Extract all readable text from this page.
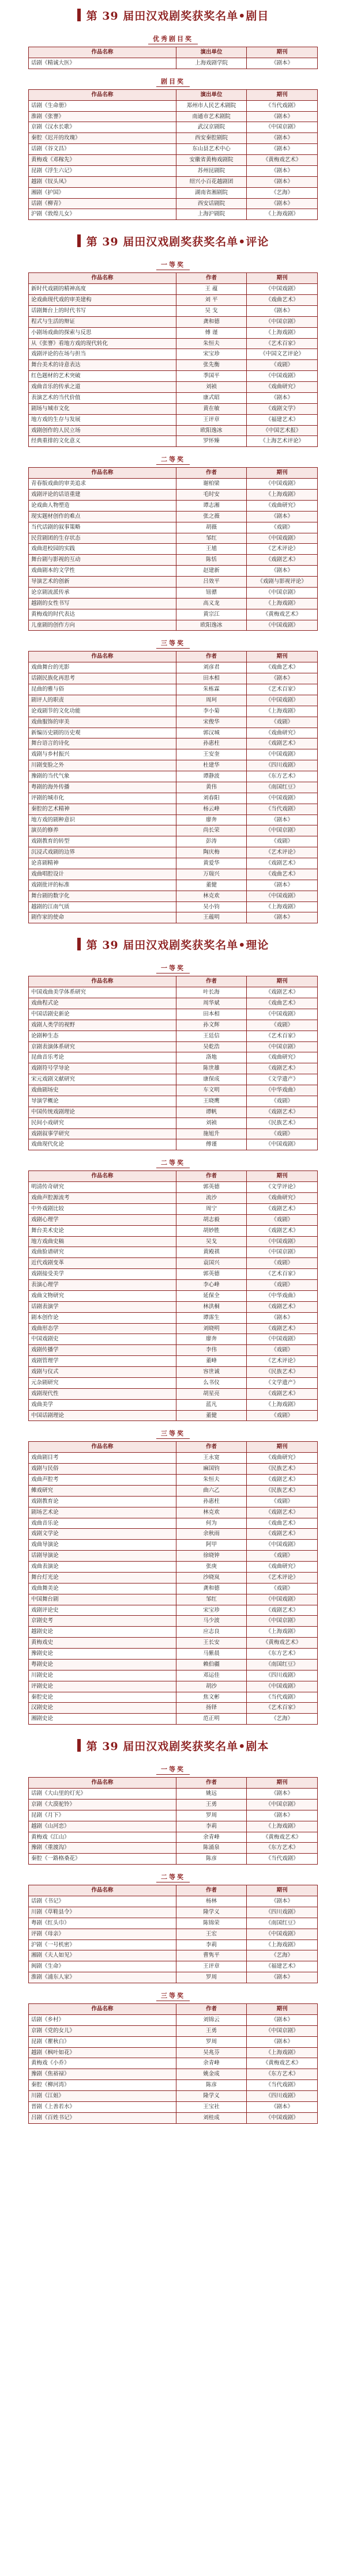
第 39 届田汉戏剧奖获奖名单•剧目
优秀剧目奖
作品名称	演出单位	期刊
话剧《精诚大医》	上海戏剧学院	《剧本》
剧目奖
作品名称	演出单位	期刊
话剧《生命册》	郑州市人民艺术剧院	《当代戏剧》
淮剧《张謇》	南通市艺术剧院	《剧本》
京剧《汉水长歌》	武汉京剧院	《中国京剧》
秦腔《迟开的玫瑰》	西安秦腔剧院	《剧本》
话剧《谷文昌》	东山县艺术中心	《剧本》
黄梅戏《邓稼先》	安徽省黄梅戏剧院	《黄梅戏艺术》
昆剧《浮生六记》	苏州昆剧院	《剧本》
越剧《钗头凤》	绍兴小百花越剧团	《剧本》
湘剧《护国》	湖南省湘剧院	《艺海》
话剧《柳青》	西安话剧院	《剧本》
沪剧《敦煌儿女》	上海沪剧院	《上海戏剧》
第 39 届田汉戏剧奖获奖名单•评论
一等奖
作品名称	作者	期刊
新时代戏剧的精神高度	王 蕴	《中国戏剧》
论戏曲现代戏的审美建构	刘 平	《戏曲艺术》
话剧舞台上的时代书写	吴 戈	《剧本》
程式与生活的辩证	龚和德	《中国京剧》
小剧场戏曲的探索与反思	傅 谨	《上海戏剧》
从《张謇》看地方戏的现代转化	朱恒夫	《艺术百家》
戏剧评论的在场与担当	宋宝珍	《中国文艺评论》
舞台美术的诗意表达	张先衡	《戏剧》
红色题材的艺术突破	季国平	《中国戏剧》
戏曲音乐的传承之道	刘祯	《戏曲研究》
表演艺术的当代价值	康式昭	《剧本》
剧场与城市文化	黄在敏	《戏剧文学》
地方戏的生存与发展	王评章	《福建艺术》
戏剧创作的人民立场	欧阳逸冰	《中国艺术报》
经典重排的文化意义	罗怀臻	《上海艺术评论》
二等奖
作品名称	作者	期刊
青春版戏曲的审美追求	谢柏梁	《中国戏剧》
戏剧评论的话语重建	毛时安	《上海戏剧》
论戏曲人物塑造	谭志湘	《戏曲研究》
现实题材创作的难点	张之薇	《剧本》
当代话剧的叙事策略	胡薇	《戏剧》
民营剧团的生存状态	邹红	《中国戏剧》
戏曲进校园的实践	王馗	《艺术评论》
舞台剧与影视的互动	陈恬	《戏剧艺术》
戏曲剧本的文学性	赵建新	《剧本》
导演艺术的创新	吕效平	《戏剧与影视评论》
论京剧流派传承	钮骠	《中国京剧》
越剧的女性书写	高义龙	《上海戏剧》
黄梅戏的时代表达	黄宗江	《黄梅戏艺术》
儿童剧的创作方向	欧阳逸冰	《中国戏剧》
三等奖
作品名称	作者	期刊
戏曲舞台的光影	刘彦君	《戏曲艺术》
话剧民族化再思考	田本相	《剧本》
昆曲的雅与俗	朱栋霖	《艺术百家》
剧评人的职责	周珂	《中国戏剧》
论戏剧节的文化功能	李小菊	《上海戏剧》
戏曲服饰的审美	宋俊华	《戏剧》
新编历史剧的历史观	郭汉城	《戏曲研究》
舞台语言的诗化	孙惠柱	《戏剧艺术》
戏剧与乡村振兴	王安奎	《中国戏剧》
川剧变脸之外	杜建华	《四川戏剧》
豫剧的当代气象	谭静波	《东方艺术》
粤剧的海外传播	黄伟	《南国红豆》
评剧的城市化	刘春阳	《中国戏剧》
秦腔的艺术精神	杨云峰	《当代戏剧》
地方戏的剧种意识	廖奔	《剧本》
演员的修养	尚长荣	《中国京剧》
戏剧教育的转型	彭涛	《戏剧》
沉浸式戏剧的边界	陶庆梅	《艺术评论》
论喜剧精神	黄爱华	《戏剧艺术》
戏曲唱腔设计	万瑞兴	《戏曲艺术》
戏剧批评的标准	董健	《剧本》
舞台剧的数字化	林克欢	《中国戏剧》
越剧的江南气质	吴小钧	《上海戏剧》
剧作家的使命	王蕴明	《剧本》
第 39 届田汉戏剧奖获奖名单•理论
一等奖
作品名称	作者	期刊
中国戏曲美学体系研究	叶长海	《戏剧艺术》
戏曲程式论	周华斌	《戏曲艺术》
中国话剧史新论	田本相	《中国戏剧》
戏剧人类学的视野	孙文辉	《戏剧》
论剧种生态	王廷信	《艺术百家》
京剧表演体系研究	吴乾浩	《中国京剧》
昆曲音乐考论	洛地	《戏曲研究》
戏剧符号学导论	陈世雄	《戏剧艺术》
宋元戏剧文献研究	康保成	《文学遗产》
戏曲剧场史	车文明	《中华戏曲》
导演学概论	王晓鹰	《戏剧》
中国传统戏剧理论	谭帆	《戏剧艺术》
民间小戏研究	刘祯	《民族艺术》
戏剧叙事学研究	施旭升	《戏剧》
戏曲现代化论	傅谨	《中国戏剧》
二等奖
作品名称	作者	期刊
明清传奇研究	郭英德	《文学评论》
戏曲声腔源流考	流沙	《戏曲研究》
中外戏剧比较	周宁	《戏剧艺术》
戏剧心理学	胡志毅	《戏剧》
舞台美术史论	胡妙胜	《戏剧艺术》
地方戏曲史稿	吴戈	《中国戏剧》
戏曲脸谱研究	黄殿祺	《中国京剧》
近代戏剧变革	袁国兴	《戏剧》
戏剧接受美学	郭英德	《艺术百家》
表演心理学	李心峰	《戏剧》
戏曲文物研究	延保全	《中华戏曲》
话剧表演学	林洪桐	《戏剧艺术》
剧本创作论	谭霈生	《剧本》
戏曲形态学	刘晓明	《戏剧艺术》
中国戏剧史	廖奔	《中国戏剧》
戏剧传播学	李伟	《戏剧》
戏剧管理学	董峰	《艺术评论》
戏剧与仪式	容世诚	《民族艺术》
元杂剧研究	么书仪	《文学遗产》
戏剧现代性	胡星亮	《戏剧艺术》
戏曲美学	蓝凡	《上海戏剧》
中国话剧理论	董健	《戏剧》
三等奖
作品名称	作者	期刊
戏曲剧目考	王永宽	《戏曲研究》
戏剧与民俗	麻国钧	《民族艺术》
戏曲声腔考	朱恒夫	《戏剧艺术》
傩戏研究	曲六乙	《民族艺术》
戏剧教育论	孙惠柱	《戏剧》
剧场艺术论	林克欢	《戏剧艺术》
戏曲音乐论	何为	《戏曲艺术》
戏剧文学论	余秋雨	《戏剧艺术》
戏曲导演论	阿甲	《中国戏剧》
话剧导演论	徐晓钟	《戏剧》
戏曲表演论	张庚	《戏曲研究》
舞台灯光论	沙晓岚	《艺术评论》
戏曲舞美论	龚和德	《戏剧》
中国舞台剧	邹红	《中国戏剧》
戏剧评论史	宋宝珍	《戏剧艺术》
京剧史考	马少波	《中国京剧》
越剧史论	应志良	《上海戏剧》
黄梅戏史	王长安	《黄梅戏艺术》
豫剧史论	马紫晨	《东方艺术》
粤剧史论	赖伯疆	《南国红豆》
川剧史论	邓运佳	《四川戏剧》
评剧史论	胡沙	《中国戏剧》
秦腔史论	焦文彬	《当代戏剧》
汉剧史论	扬铎	《艺术百家》
湘剧史论	范正明	《艺海》
第 39 届田汉戏剧奖获奖名单•剧本
一等奖
作品名称	作者	期刊
话剧《大山里的灯光》	姚远	《剧本》
京剧《大漠驼铃》	王勇	《中国京剧》
昆剧《月下》	罗周	《剧本》
越剧《山河恋》	李莉	《上海戏剧》
黄梅戏《江山》	余青峰	《黄梅戏艺术》
豫剧《重渡沟》	陈涌泉	《东方艺术》
秦腔《一路格桑花》	陈彦	《当代戏剧》
二等奖
作品名称	作者	期刊
话剧《书记》	杨林	《剧本》
川剧《草鞋县令》	隆学义	《四川戏剧》
粤剧《红头巾》	陈锦荣	《南国红豆》
评剧《母亲》	王宏	《中国戏剧》
沪剧《一号机密》	李莉	《上海戏剧》
湘剧《夫人如见》	曹隽平	《艺海》
闽剧《生命》	王评章	《福建艺术》
淮剧《浦东人家》	罗周	《剧本》
三等奖
作品名称	作者	期刊
话剧《乡村》	刘锦云	《剧本》
京剧《党的女儿》	王勇	《中国京剧》
昆剧《瞿秋白》	罗周	《剧本》
越剧《枫叶如花》	吴兆芬	《上海戏剧》
黄梅戏《小乔》	余青峰	《黄梅戏艺术》
豫剧《焦裕禄》	姚金成	《东方艺术》
秦腔《柳河湾》	陈彦	《当代戏剧》
川剧《江姐》	隆学义	《四川戏剧》
晋剧《上善若水》	王宝社	《剧本》
吕剧《百姓书记》	刘桂成	《中国戏剧》
